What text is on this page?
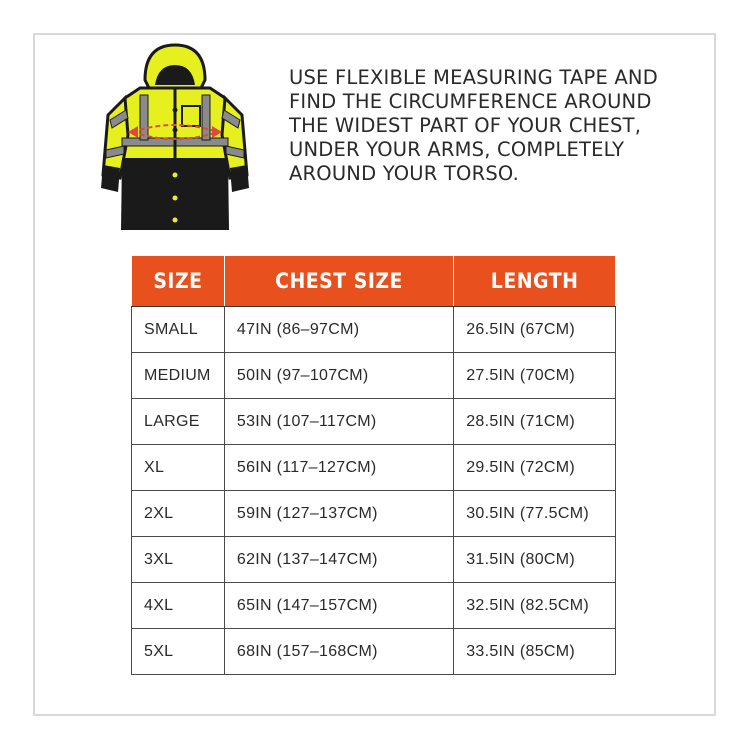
USE FLEXIBLE MEASURING TAPE AND
FIND THE CIRCUMFERENCE AROUND
THE WIDEST PART OF YOUR CHEST,
UNDER YOUR ARMS, COMPLETELY
AROUND YOUR TORSO.

SIZE	CHEST SIZE	LENGTH
SMALL	47IN (86–97CM)	26.5IN (67CM)
MEDIUM	50IN (97–107CM)	27.5IN (70CM)
LARGE	53IN (107–117CM)	28.5IN (71CM)
XL	56IN (117–127CM)	29.5IN (72CM)
2XL	59IN (127–137CM)	30.5IN (77.5CM)
3XL	62IN (137–147CM)	31.5IN (80CM)
4XL	65IN (147–157CM)	32.5IN (82.5CM)
5XL	68IN (157–168CM)	33.5IN (85CM)
